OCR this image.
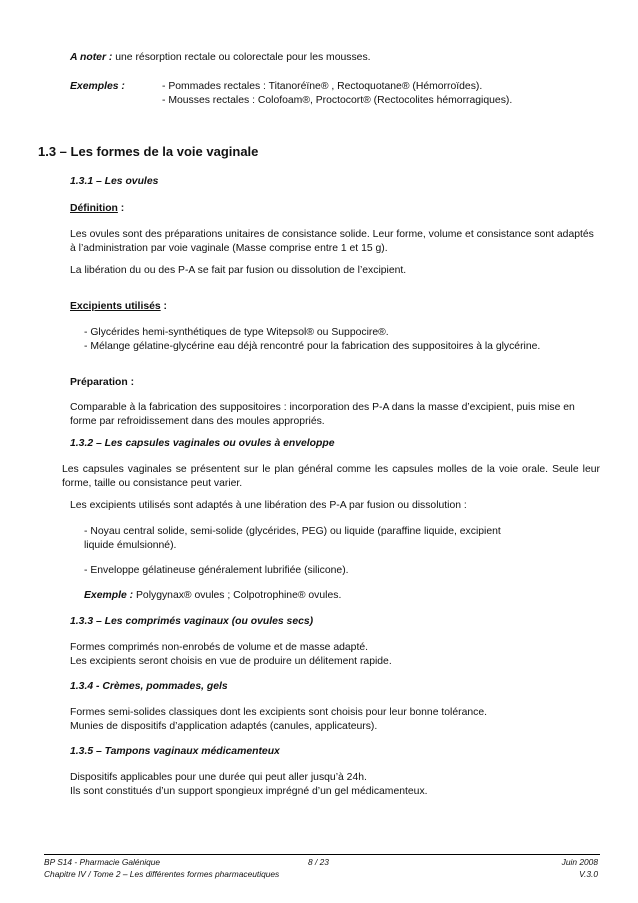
A noter : une résorption rectale ou colorectale pour les mousses.
Exemples :	- Pommades rectales : Titanoréïne® , Rectoquotane® (Hémorroïdes).
- Mousses rectales : Colofoam®, Proctocort® (Rectocolites hémorragiques).
1.3 – Les formes de la voie vaginale
1.3.1 – Les ovules
Définition :
Les ovules sont des préparations unitaires de consistance solide. Leur forme, volume et consistance sont adaptés à l’administration par voie vaginale (Masse comprise entre 1 et 15 g).
La libération du ou des P-A se fait par fusion ou dissolution de l’excipient.
Excipients utilisés :
- Glycérides hemi-synthétiques de type Witepsol® ou Suppocire®.
- Mélange gélatine-glycérine eau déjà rencontré pour la fabrication des suppositoires à la glycérine.
Préparation :
Comparable à la fabrication des suppositoires : incorporation des P-A dans la masse d’excipient, puis mise en forme par refroidissement dans des moules appropriés.
1.3.2 – Les capsules vaginales ou ovules à enveloppe
Les capsules vaginales se présentent sur le plan général comme les capsules molles de la voie orale. Seule leur forme, taille ou consistance peut varier.
Les excipients utilisés sont adaptés à une libération des P-A par fusion ou dissolution :
- Noyau central solide, semi-solide (glycérides, PEG) ou liquide (paraffine liquide, excipient liquide émulsionné).
- Enveloppe gélatineuse généralement lubrifiée (silicone).
Exemple : Polygynax® ovules ; Colpotrophine® ovules.
1.3.3 – Les comprimés vaginaux (ou ovules secs)
Formes comprimés non-enrobés de volume et de masse adapté.
Les excipients seront choisis en vue de produire un délitement rapide.
1.3.4 - Crèmes, pommades, gels
Formes semi-solides classiques dont les excipients sont choisis pour leur bonne tolérance.
Munies de dispositifs d’application adaptés (canules, applicateurs).
1.3.5 – Tampons vaginaux médicamenteux
Dispositifs applicables pour une durée qui peut aller jusqu’à 24h.
Ils sont constitués d’un support spongieux imprégné d’un gel médicamenteux.
BP S14 - Pharmacie Galénique	8 / 23	Juin 2008
Chapitre IV / Tome 2 – Les différentes formes pharmaceutiques	V.3.0
